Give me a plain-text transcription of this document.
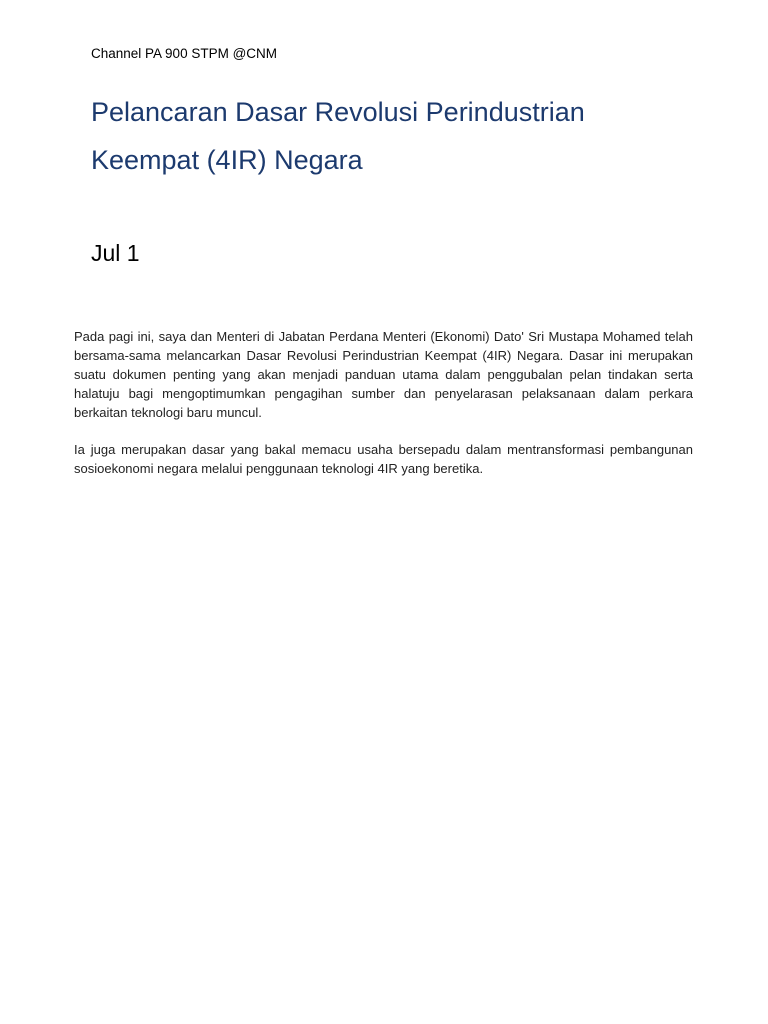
Channel PA 900 STPM @CNM
Pelancaran Dasar Revolusi Perindustrian Keempat (4IR) Negara
Jul 1

Pada pagi ini, saya dan Menteri di Jabatan Perdana Menteri (Ekonomi) Dato' Sri Mustapa Mohamed telah bersama-sama melancarkan Dasar Revolusi Perindustrian Keempat (4IR) Negara. Dasar ini merupakan suatu dokumen penting yang akan menjadi panduan utama dalam penggubalan pelan tindakan serta halatuju bagi mengoptimumkan pengagihan sumber dan penyelarasan pelaksanaan dalam perkara berkaitan teknologi baru muncul.

Ia juga merupakan dasar yang bakal memacu usaha bersepadu dalam mentransformasi pembangunan sosioekonomi negara melalui penggunaan teknologi 4IR yang beretika.
